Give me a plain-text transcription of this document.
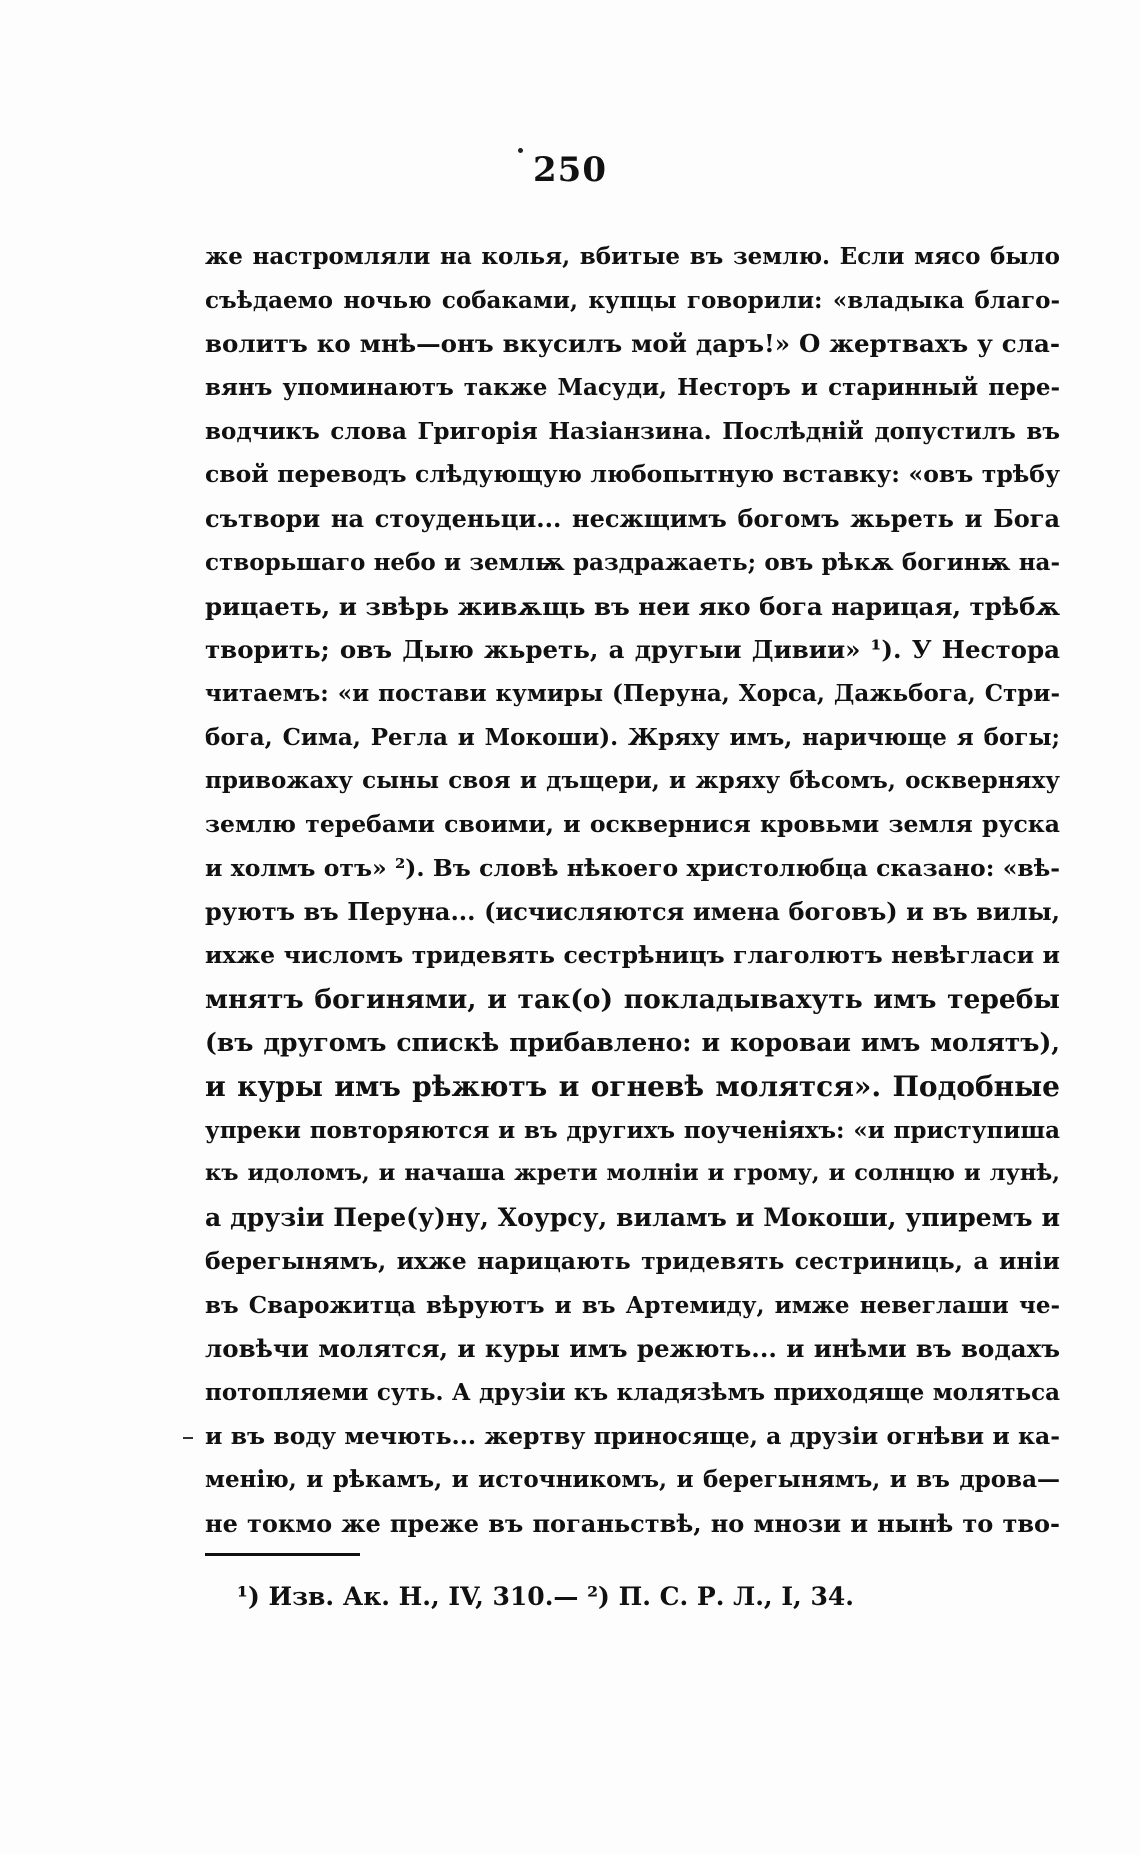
250
же настромляли на колья, вбитые въ землю. Если мясо было
съѣдаемо ночью собаками, купцы говорили: «владыка благо-
волитъ ко мнѣ—онъ вкусилъ мой даръ!» О жертвахъ у сла-
вянъ упоминаютъ также Масуди, Несторъ и старинный пере-
водчикъ слова Григорія Назіанзина. Послѣдній допустилъ въ
свой переводъ слѣдующую любопытную вставку: «овъ трѣбу
сътвори на стоуденьци... несжщимъ богомъ жьреть и Бога
створьшаго небо и землѭ раздражаеть; овъ рѣкѫ богинѭ на-
рицаеть, и звѣрь живѫщь въ неи яко бога нарицая, трѣбѫ
творить; овъ Дыю жьреть, а другыи Дивии» ¹). У Нестора
читаемъ: «и постави кумиры (Перуна, Хорса, Дажьбога, Стри-
бога, Сима, Регла и Мокоши). Жряху имъ, наричюще я богы;
привожаху сыны своя и дъщери, и жряху бѣсомъ, оскверняху
землю теребами своими, и осквернися кровьми земля руска
и холмъ отъ» ²). Въ словѣ нѣкоего христолюбца сказано: «вѣ-
руютъ въ Перуна... (исчисляются имена боговъ) и въ вилы,
ихже числомъ тридевять сестрѣницъ глаголютъ невѣгласи и
мнятъ богинями, и так(о) покладывахуть имъ теребы
(въ другомъ спискѣ прибавлено: и короваи имъ молятъ),
и куры имъ рѣжютъ и огневѣ молятся». Подобные
упреки повторяются и въ другихъ поученіяхъ: «и приступиша
къ идоломъ, и начаша жрети молніи и грому, и солнцю и лунѣ,
а друзіи Пере(у)ну, Хоурсу, виламъ и Мокоши, упиремъ и
берегынямъ, ихже нарицають тридевять сестриниць, а иніи
въ Сварожитца вѣруютъ и въ Артемиду, имже невеглаши че-
ловѣчи молятся, и куры имъ режють... и инѣми въ водахъ
потопляеми суть. А друзіи къ кладязѣмъ приходяще молятьса
и въ воду мечють... жертву приносяще, а друзіи огнѣви и ка-
менію, и рѣкамъ, и источникомъ, и берегынямъ, и въ дрова—
не токмо же преже въ поганьствѣ, но мнози и нынѣ то тво-
¹) Изв. Ак. Н., IV, 310.— ²) П. С. Р. Л., I, 34.
